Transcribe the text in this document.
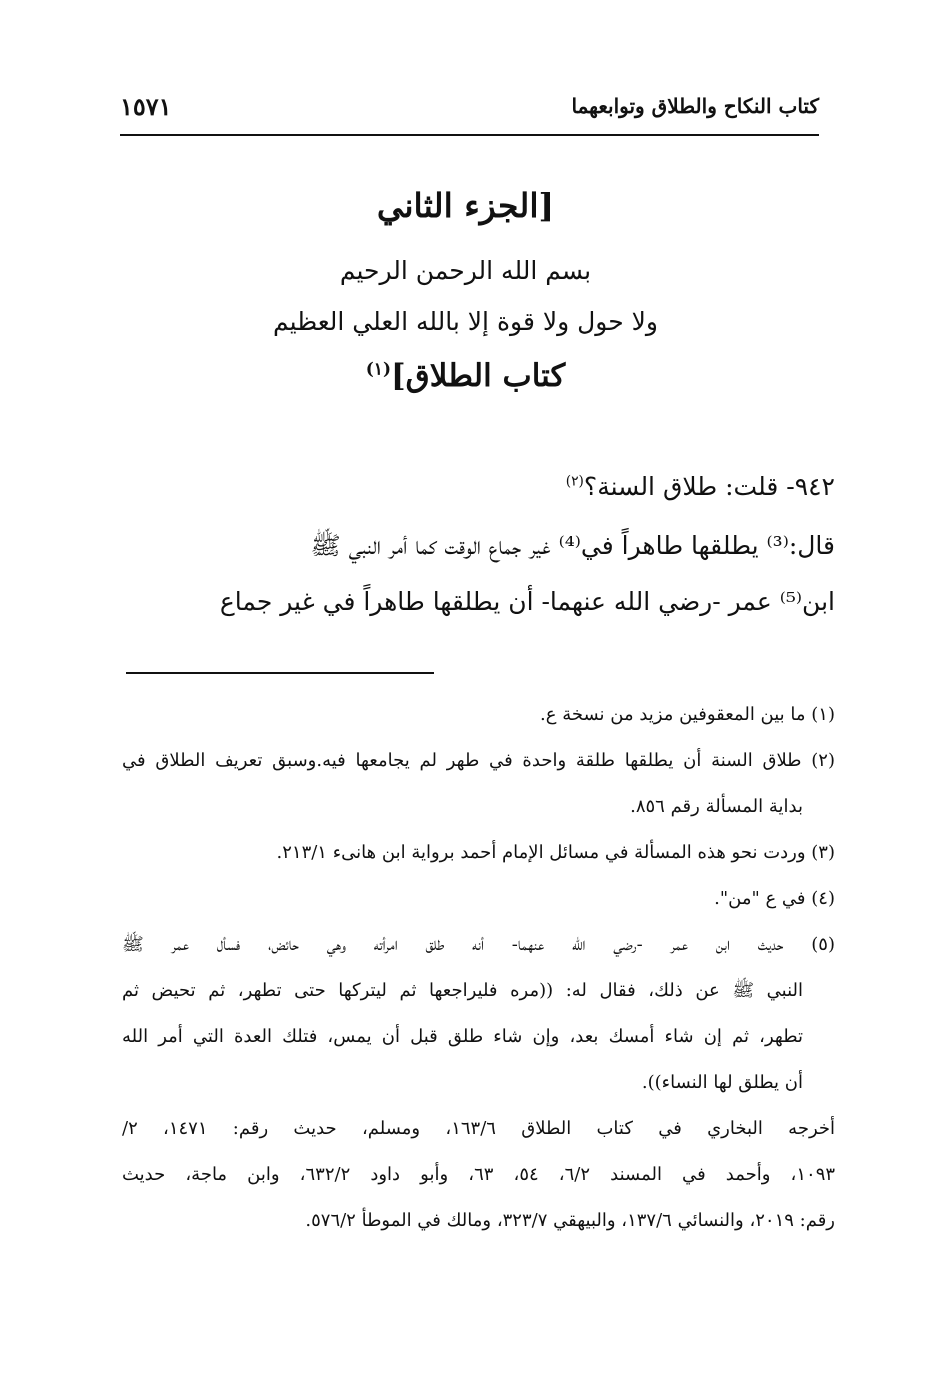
١٥٧١	كتاب النكاح والطلاق وتوابعهما
[الجزء الثاني
بسم الله الرحمن الرحيم
ولا حول ولا قوة إلا بالله العلي العظيم
كتاب الطلاق]$^{(١)}$
٩٤٢- قلت: طلاق السنة؟$^{(٢)}$
قال:⁽³⁾ يطلقها طاهراً في⁽⁴⁾ غير جماع الوقت كما أمر النبي ﷺ
ابن⁽⁵⁾ عمر -رضي الله عنهما- أن يطلقها طاهراً في غير جماع
(١) ما بين المعقوفين مزيد من نسخة ع.
(٢) طلاق السنة أن يطلقها طلقة واحدة في طهر لم يجامعها فيه.وسبق تعريف الطلاق في
بداية المسألة رقم ٨٥٦.
(٣) وردت نحو هذه المسألة في مسائل الإمام أحمد برواية ابن هانىء ٢١٣/١.
(٤) في ع "من".
(٥) حديث ابن عمر -رضي الله عنهما- أنه طلق امرأته وهي حائض، فسأل عمر ﷺ
النبي ﷺ عن ذلك، فقال له: ((مره فليراجعها ثم ليتركها حتى تطهر، ثم تحيض ثم
تطهر، ثم إن شاء أمسك بعد، وإن شاء طلق قبل أن يمس، فتلك العدة التي أمر الله
أن يطلق لها النساء)).
أخرجه البخاري في كتاب الطلاق ١٦٣/٦، ومسلم، حديث رقم: ١٤٧١، ٢/
١٠٩٣، وأحمد في المسند ٦/٢، ٥٤، ٦٣، وأبو داود ٦٣٢/٢، وابن ماجة، حديث
رقم: ٢٠١٩، والنسائي ١٣٧/٦، والبيهقي ٣٢٣/٧، ومالك في الموطأ ٥٧٦/٢.
